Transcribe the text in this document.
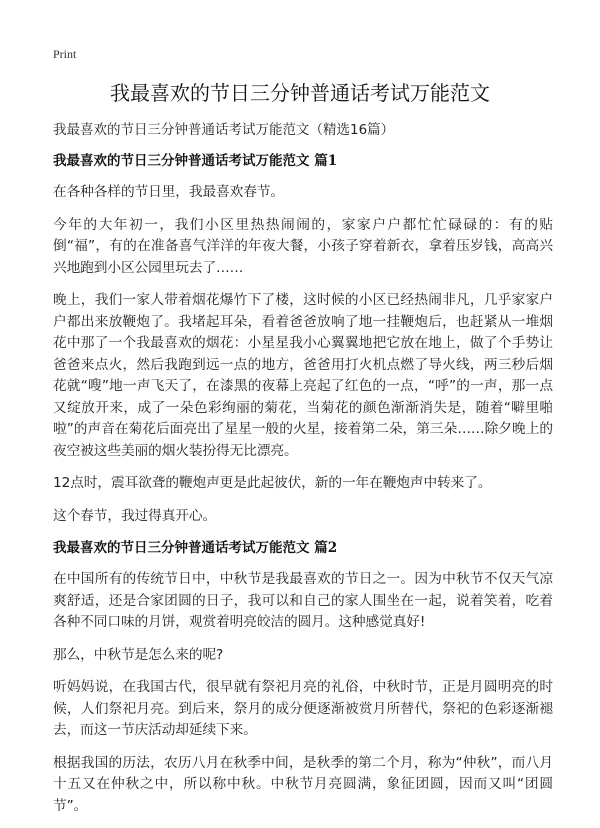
Print
我最喜欢的节日三分钟普通话考试万能范文

我最喜欢的节日三分钟普通话考试万能范文（精选16篇）

我最喜欢的节日三分钟普通话考试万能范文 篇1

在各种各样的节日里，我最喜欢春节。

今年的大年初一，我们小区里热热闹闹的，家家户户都忙忙碌碌的：有的贴倒“福”，有的在准备喜气洋洋的年夜大餐，小孩子穿着新衣，拿着压岁钱，高高兴兴地跑到小区公园里玩去了……

晚上，我们一家人带着烟花爆竹下了楼，这时候的小区已经热闹非凡，几乎家家户户都出来放鞭炮了。我堵起耳朵，看着爸爸放响了地一挂鞭炮后，也赶紧从一堆烟花中那了一个我最喜欢的烟花：小星星我小心翼翼地把它放在地上，做了个手势让爸爸来点火，然后我跑到远一点的地方，爸爸用打火机点燃了导火线，两三秒后烟花就“嗖”地一声飞天了，在漆黑的夜幕上亮起了红色的一点，“呼”的一声，那一点又绽放开来，成了一朵色彩绚丽的菊花，当菊花的颜色渐渐消失是，随着“噼里啪啦”的声音在菊花后面亮出了星星一般的火星，接着第二朵，第三朵……除夕晚上的夜空被这些美丽的烟火装扮得无比漂亮。

12点时，震耳欲聋的鞭炮声更是此起彼伏，新的一年在鞭炮声中转来了。

这个春节，我过得真开心。

我最喜欢的节日三分钟普通话考试万能范文 篇2

在中国所有的传统节日中，中秋节是我最喜欢的节日之一。因为中秋节不仅天气凉爽舒适，还是合家团圆的日子，我可以和自己的家人围坐在一起，说着笑着，吃着各种不同口味的月饼，观赏着明亮皎洁的圆月。这种感觉真好!

那么，中秋节是怎么来的呢?

听妈妈说，在我国古代，很早就有祭祀月亮的礼俗，中秋时节，正是月圆明亮的时候，人们祭祀月亮。到后来，祭月的成分便逐渐被赏月所替代，祭祀的色彩逐渐褪去，而这一节庆活动却延续下来。

根据我国的历法，农历八月在秋季中间，是秋季的第二个月，称为“仲秋”，而八月十五又在仲秋之中，所以称中秋。中秋节月亮圆满，象征团圆，因而又叫“团圆节”。
